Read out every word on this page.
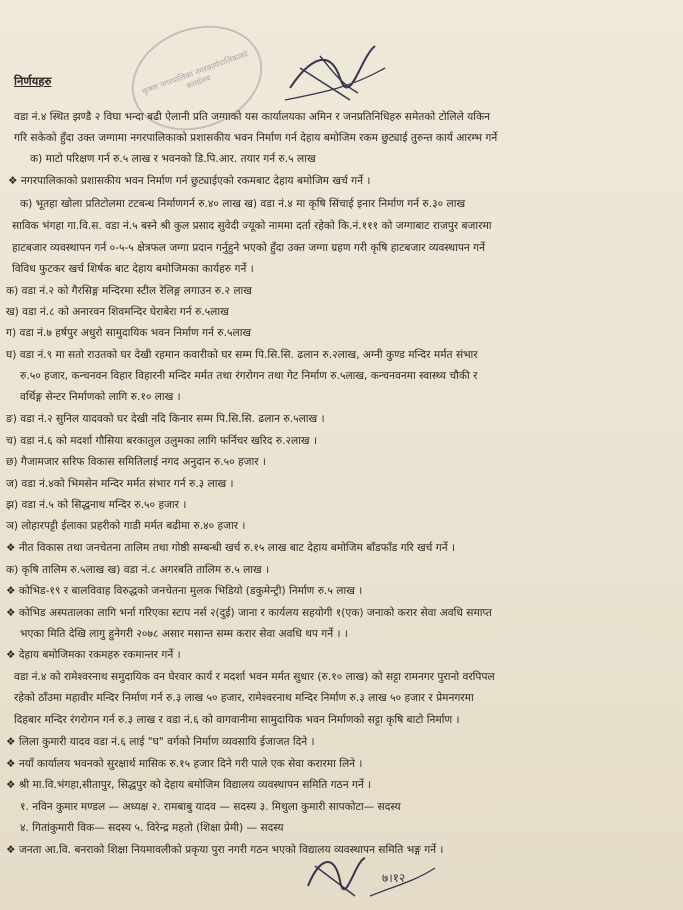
कृष्णा नगरपालिका नगरकार्यपालिकाको कार्यालय
निर्णयहरु
वडा नं.४ स्थित झण्डै २ विघा भन्दा बढी ऐलानी प्रति जग्गाको यस कार्यालयका अमिन र जनप्रतिनिधिहरु समेतको टोलिले यकिन
गरि सकेको हुँदा उक्त जग्गामा नगरपालिकाको प्रशासकीय भवन निर्माण गर्न देहाय बमोजिम रकम छुट्याई तुरुन्त कार्य आरम्भ गर्ने
क) माटो परिक्षण गर्न रु.५ लाख र भवनको डि.पि.आर. तयार गर्न रु.५ लाख
❖ नगरपालिकाको प्रशासकीय भवन निर्माण गर्न छुट्याईएको रकमबाट देहाय बमोजिम खर्च गर्ने ।
क) भूतहा खोला प्रतिटोलमा टटबन्ध निर्माणगर्न रु.४० लाख ख) वडा नं.४ मा कृषि सिंचाई इनार निर्माण गर्न रु.३० लाख
साविक भंगहा गा.वि.स. वडा नं.५ बस्ने श्री कुल प्रसाद सुवेदी ज्यूको नाममा दर्ता रहेको कि.नं.१११ को जग्गाबाट राजपुर बजारमा
हाटबजार व्यवस्थापन गर्न ०-५-५ क्षेत्रफल जग्गा प्रदान गर्नुहुने भएको हुँदा उक्त जग्गा ग्रहण गरी कृषि हाटबजार व्यवस्थापन गर्ने
विविध फुटकर खर्च शिर्षक बाट देहाय बमोजिमका कार्यहरु गर्ने ।
क) वडा नं.२ को गैरसिङ्ग मन्दिरमा स्टील रेलिङ्ग लगाउन रु.२ लाख
ख) वडा नं.८ को अनारवन शिवमन्दिर घेराबेरा गर्न रु.५लाख
ग) वडा नं.७ हर्षपुर अधुरो सामुदायिक भवन निर्माण गर्न रु.५लाख
घ) वडा नं.९ मा सतो राउतको घर देखी रहमान कवारीको घर सम्म पि.सि.सि. ढलान रु.२लाख, अग्नी कुण्ड मन्दिर मर्मत संभार
रु.५० हजार, कन्चनवन विहार विहारनी मन्दिर मर्मत तथा रंगरोगन तथा गेट निर्माण रु.५लाख, कन्चनवनमा स्वास्थ्य चौकी र
वर्थिङ्ग सेन्टर निर्माणको लागि रु.१० लाख ।
ङ) वडा नं.२ सुनिल यादवको घर देखी नदि किनार सम्म पि.सि.सि. ढलान रु.५लाख ।
च) वडा नं.६ को मदर्शा गौसिया बरकातुल उलुमका लागि फर्निचर खरिद रु.२लाख ।
छ) गैजामजार सरिफ विकास समितिलाई नगद अनुदान रु.५० हजार ।
ज) वडा नं.४को भिमसेन मन्दिर मर्मत संभार गर्न रु.३ लाख ।
झ) वडा नं.५ को सिद्धनाथ मन्दिर रु.५० हजार ।
ञ) लोहारपट्टी ईलाका प्रहरीको गाडी मर्मत बढीमा रु.४० हजार ।
❖ नीत विकास तथा जनचेतना तालिम तथा गोष्ठी सम्बन्धी खर्च रु.१५ लाख बाट देहाय बमोजिम बाँडफाँड गरि खर्च गर्ने ।
क) कृषि तालिम रु.५लाख ख) वडा नं.८ अगरबति तालिम रु.५ लाख ।
❖ कोभिड-१९ र बालविवाह विरुद्धको जनचेतना मुलक भिडियो (डकुमेन्ट्री) निर्माण रु.५ लाख ।
❖ कोभिड अस्पतालका लागि भर्ना गरिएका स्टाप नर्स २(दुई) जाना र कार्यलय सहयोगी १(एक) जनाको करार सेवा अवधि समाप्त
भएका मिति देखि लागु हुनेगरी २०७८ असार मसान्त सम्म करार सेवा अवधि थप गर्ने । ।
❖ देहाय बमोजिमका रकमहरु रकमान्तर गर्ने ।
वडा नं.४ को रामेश्वरनाथ समुदायिक वन घेरवार कार्य र मदर्शा भवन मर्मत सुधार (रु.१० लाख) को सट्टा रामनगर पुरानो वरपिपल
रहेको ठाँउमा महावीर मन्दिर निर्माण गर्न रु.३ लाख ५० हजार, रामेश्वरनाथ मन्दिर निर्माण रु.३ लाख ५० हजार र प्रेमनगरमा
दिहबार मन्दिर रंगरोगन गर्न रु.३ लाख र वडा नं.६ को वागवानीमा सामुदायिक भवन निर्माणको सट्टा कृषि बाटो निर्माण ।
❖ लिला कुमारी यादव वडा नं.६ लाई "घ" वर्गको निर्माण व्यवसायि ईजाजत दिने ।
❖ नयाँ कार्यालय भवनको सुरक्षार्थ मासिक रु.१५ हजार दिने गरी पाले एक सेवा करारमा लिने ।
❖ श्री मा.वि.भंगहा,सीतापुर, सिद्धपुर को देहाय बमोजिम विद्यालय व्यवस्थापन समिति गठन गर्ने ।
१. नविन कुमार मण्डल — अध्यक्ष २. रामबाबु यादव — सदस्य ३. मिथुला कुमारी सापकोटा— सदस्य
४. गितांकुमारी विक— सदस्य ५. विरेन्द्र महतो (शिक्षा प्रेमी) — सदस्य
❖ जनता आ.वि. बनराको शिक्षा नियमावलीको प्रकृया पुरा नगरी गठन भएको विद्यालय व्यवस्थापन समिति भङ्ग गर्ने ।
७।१२
